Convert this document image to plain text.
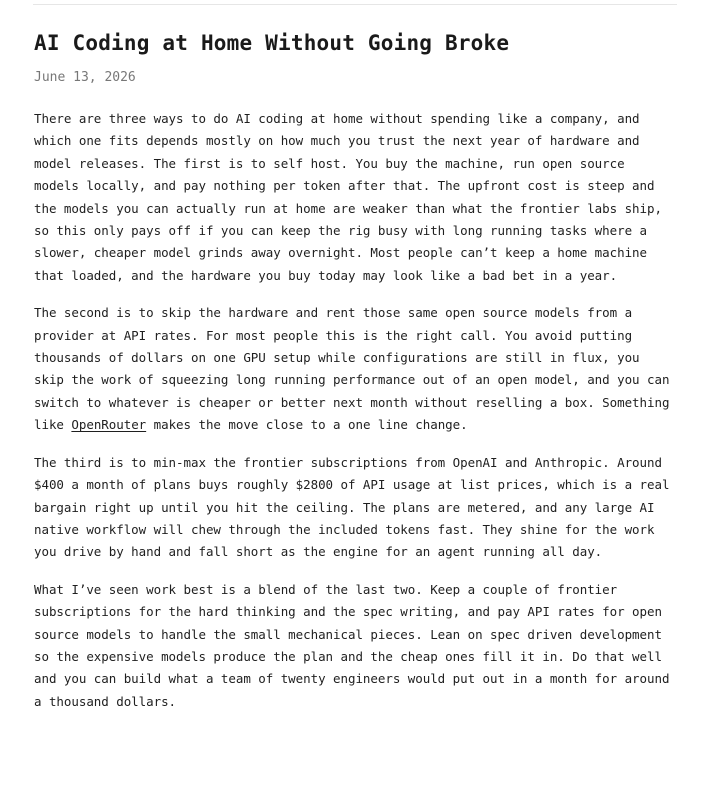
AI Coding at Home Without Going Broke
June 13, 2026

There are three ways to do AI coding at home without spending like a company, and which one fits depends mostly on how much you trust the next year of hardware and model releases. The first is to self host. You buy the machine, run open source models locally, and pay nothing per token after that. The upfront cost is steep and the models you can actually run at home are weaker than what the frontier labs ship, so this only pays off if you can keep the rig busy with long running tasks where a slower, cheaper model grinds away overnight. Most people can’t keep a home machine that loaded, and the hardware you buy today may look like a bad bet in a year.

The second is to skip the hardware and rent those same open source models from a provider at API rates. For most people this is the right call. You avoid putting thousands of dollars on one GPU setup while configurations are still in flux, you skip the work of squeezing long running performance out of an open model, and you can switch to whatever is cheaper or better next month without reselling a box. Something like OpenRouter makes the move close to a one line change.

The third is to min-max the frontier subscriptions from OpenAI and Anthropic. Around $400 a month of plans buys roughly $2800 of API usage at list prices, which is a real bargain right up until you hit the ceiling. The plans are metered, and any large AI native workflow will chew through the included tokens fast. They shine for the work you drive by hand and fall short as the engine for an agent running all day.

What I’ve seen work best is a blend of the last two. Keep a couple of frontier subscriptions for the hard thinking and the spec writing, and pay API rates for open source models to handle the small mechanical pieces. Lean on spec driven development so the expensive models produce the plan and the cheap ones fill it in. Do that well and you can build what a team of twenty engineers would put out in a month for around a thousand dollars.
